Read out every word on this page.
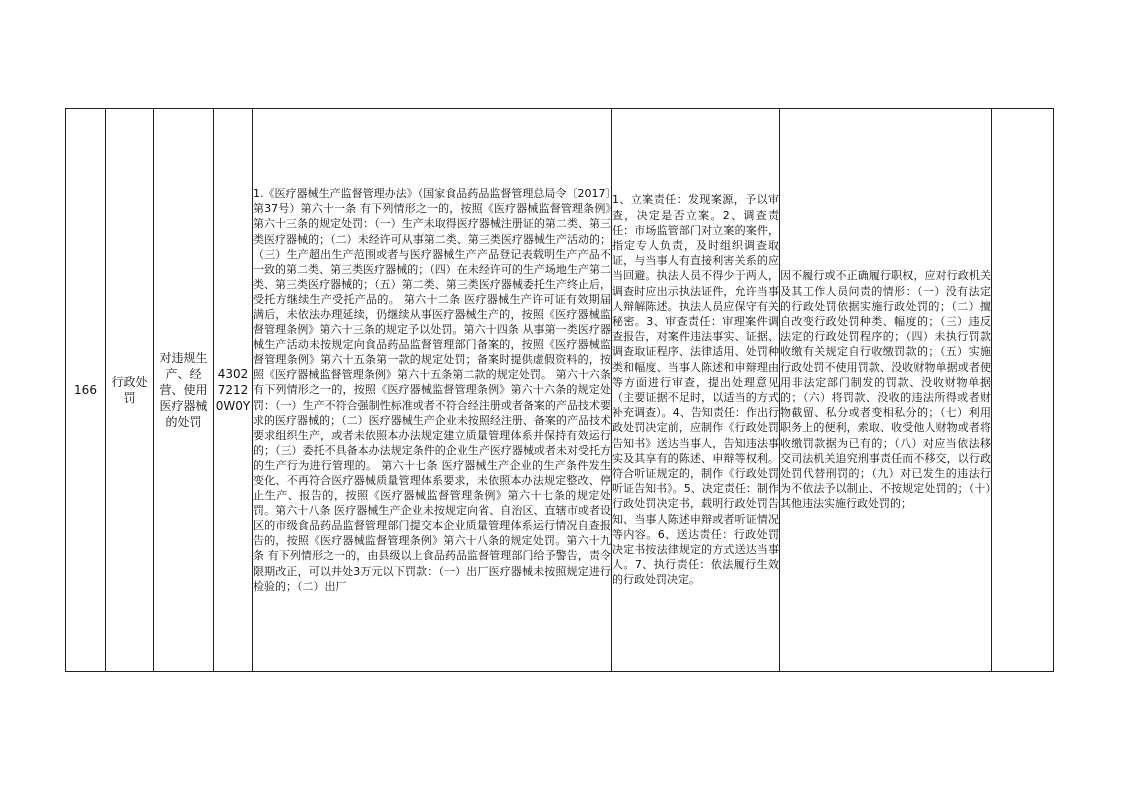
166	行政处罚	对违规生产、经营、使用医疗器械的处罚	43027212 0W0Y	1.《医疗器械生产监督管理办法》（国家食品药品监督管理总局令〔2017〕第37号）第六十一条 有下列情形之一的，按照《医疗器械监督管理条例》第六十三条的规定处罚：（一）生产未取得医疗器械注册证的第二类、第三类医疗器械的；（二）未经许可从事第二类、第三类医疗器械生产活动的；（三）生产超出生产范围或者与医疗器械生产产品登记表载明生产产品不一致的第二类、第三类医疗器械的；（四）在未经许可的生产场地生产第二类、第三类医疗器械的；（五）第二类、第三类医疗器械委托生产终止后，受托方继续生产受托产品的。 第六十二条 医疗器械生产许可证有效期届满后，未依法办理延续，仍继续从事医疗器械生产的，按照《医疗器械监督管理条例》第六十三条的规定予以处罚。第六十四条 从事第一类医疗器械生产活动未按规定向食品药品监督管理部门备案的，按照《医疗器械监督管理条例》第六十五条第一款的规定处罚；备案时提供虚假资料的，按照《医疗器械监督管理条例》第六十五条第二款的规定处罚。 第六十六条 有下列情形之一的，按照《医疗器械监督管理条例》第六十六条的规定处罚：（一）生产不符合强制性标准或者不符合经注册或者备案的产品技术要求的医疗器械的；（二）医疗器械生产企业未按照经注册、备案的产品技术要求组织生产，或者未依照本办法规定建立质量管理体系并保持有效运行的；（三）委托不具备本办法规定条件的企业生产医疗器械或者未对受托方的生产行为进行管理的。 第六十七条 医疗器械生产企业的生产条件发生变化、不再符合医疗器械质量管理体系要求，未依照本办法规定整改、停止生产、报告的，按照《医疗器械监督管理条例》第六十七条的规定处罚。第六十八条 医疗器械生产企业未按规定向省、自治区、直辖市或者设区的市级食品药品监督管理部门提交本企业质量管理体系运行情况自查报告的，按照《医疗器械监督管理条例》第六十八条的规定处罚。第六十九条 有下列情形之一的，由县级以上食品药品监督管理部门给予警告，责令限期改正，可以并处3万元以下罚款：（一）出厂医疗器械未按照规定进行检验的；（二）出厂	1、立案责任：发现案源，予以审查，决定是否立案。2、调查责任：市场监管部门对立案的案件，指定专人负责，及时组织调查取证，与当事人有直接利害关系的应当回避。执法人员不得少于两人，调查时应出示执法证件，允许当事人辩解陈述。执法人员应保守有关秘密。3、审查责任：审理案件调查报告，对案件违法事实、证据、调查取证程序、法律适用、处罚种类和幅度、当事人陈述和申辩理由等方面进行审查，提出处理意见（主要证据不足时，以适当的方式补充调查）。4、告知责任：作出行政处罚决定前，应制作《行政处罚告知书》送达当事人，告知违法事实及其享有的陈述、申辩等权利。符合听证规定的，制作《行政处罚听证告知书》。5、决定责任：制作行政处罚决定书，载明行政处罚告知、当事人陈述申辩或者听证情况等内容。6、送达责任：行政处罚决定书按法律规定的方式送达当事人。7、执行责任：依法履行生效的行政处罚决定。	因不履行或不正确履行职权，应对行政机关及其工作人员问责的情形：（一）没有法定的行政处罚依据实施行政处罚的；（二）擅自改变行政处罚种类、幅度的；（三）违反法定的行政处罚程序的；（四）未执行罚款收缴有关规定自行收缴罚款的；（五）实施行政处罚不使用罚款、没收财物单据或者使用非法定部门制发的罚款、没收财物单据的；（六）将罚款、没收的违法所得或者财物截留、私分或者变相私分的；（七）利用职务上的便利，索取、收受他人财物或者将收缴罚款据为已有的；（八）对应当依法移交司法机关追究刑事责任而不移交，以行政处罚代替刑罚的；（九）对已发生的违法行为不依法予以制止、不按规定处罚的；（十）其他违法实施行政处罚的；	
